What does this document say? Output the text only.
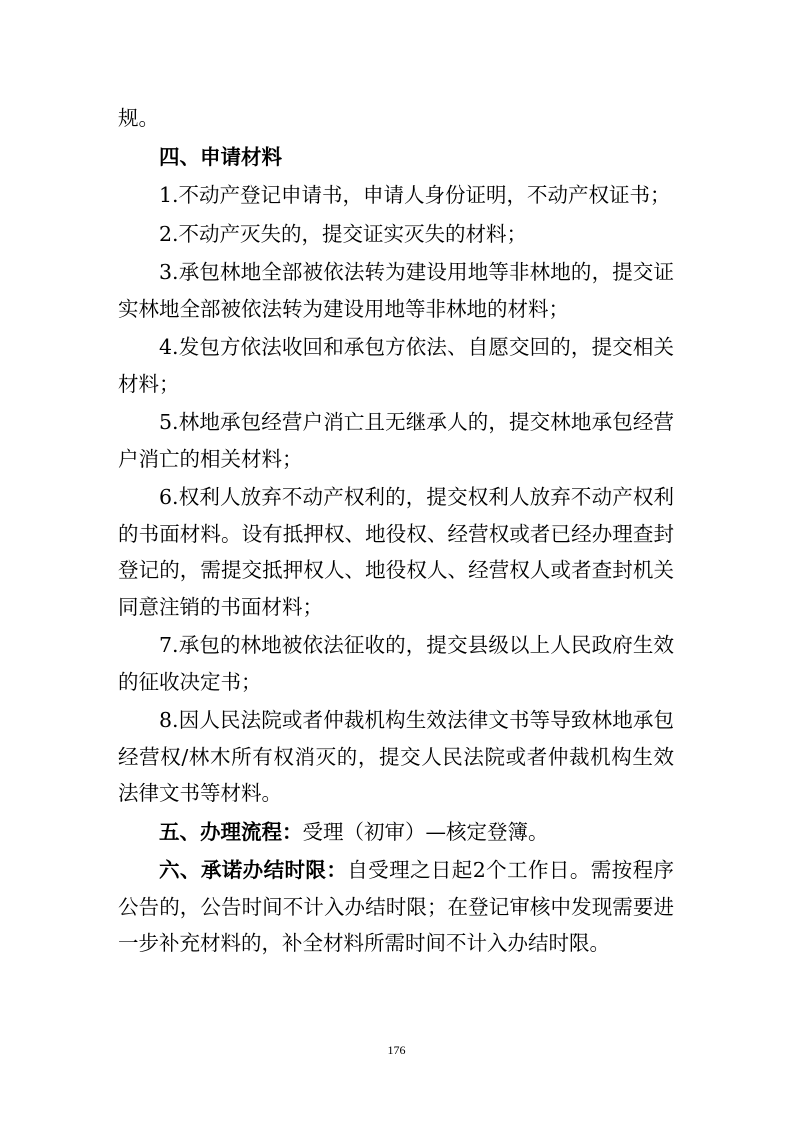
规。

四、申请材料

1.不动产登记申请书，申请人身份证明，不动产权证书；

2.不动产灭失的，提交证实灭失的材料；

3.承包林地全部被依法转为建设用地等非林地的，提交证实林地全部被依法转为建设用地等非林地的材料；

4.发包方依法收回和承包方依法、自愿交回的，提交相关材料；

5.林地承包经营户消亡且无继承人的，提交林地承包经营户消亡的相关材料；

6.权利人放弃不动产权利的，提交权利人放弃不动产权利的书面材料。设有抵押权、地役权、经营权或者已经办理查封登记的，需提交抵押权人、地役权人、经营权人或者查封机关同意注销的书面材料；

7.承包的林地被依法征收的，提交县级以上人民政府生效的征收决定书；

8.因人民法院或者仲裁机构生效法律文书等导致林地承包经营权/林木所有权消灭的，提交人民法院或者仲裁机构生效法律文书等材料。

五、办理流程：受理（初审）—核定登簿。

六、承诺办结时限：自受理之日起2个工作日。需按程序公告的，公告时间不计入办结时限；在登记审核中发现需要进一步补充材料的，补全材料所需时间不计入办结时限。

176
